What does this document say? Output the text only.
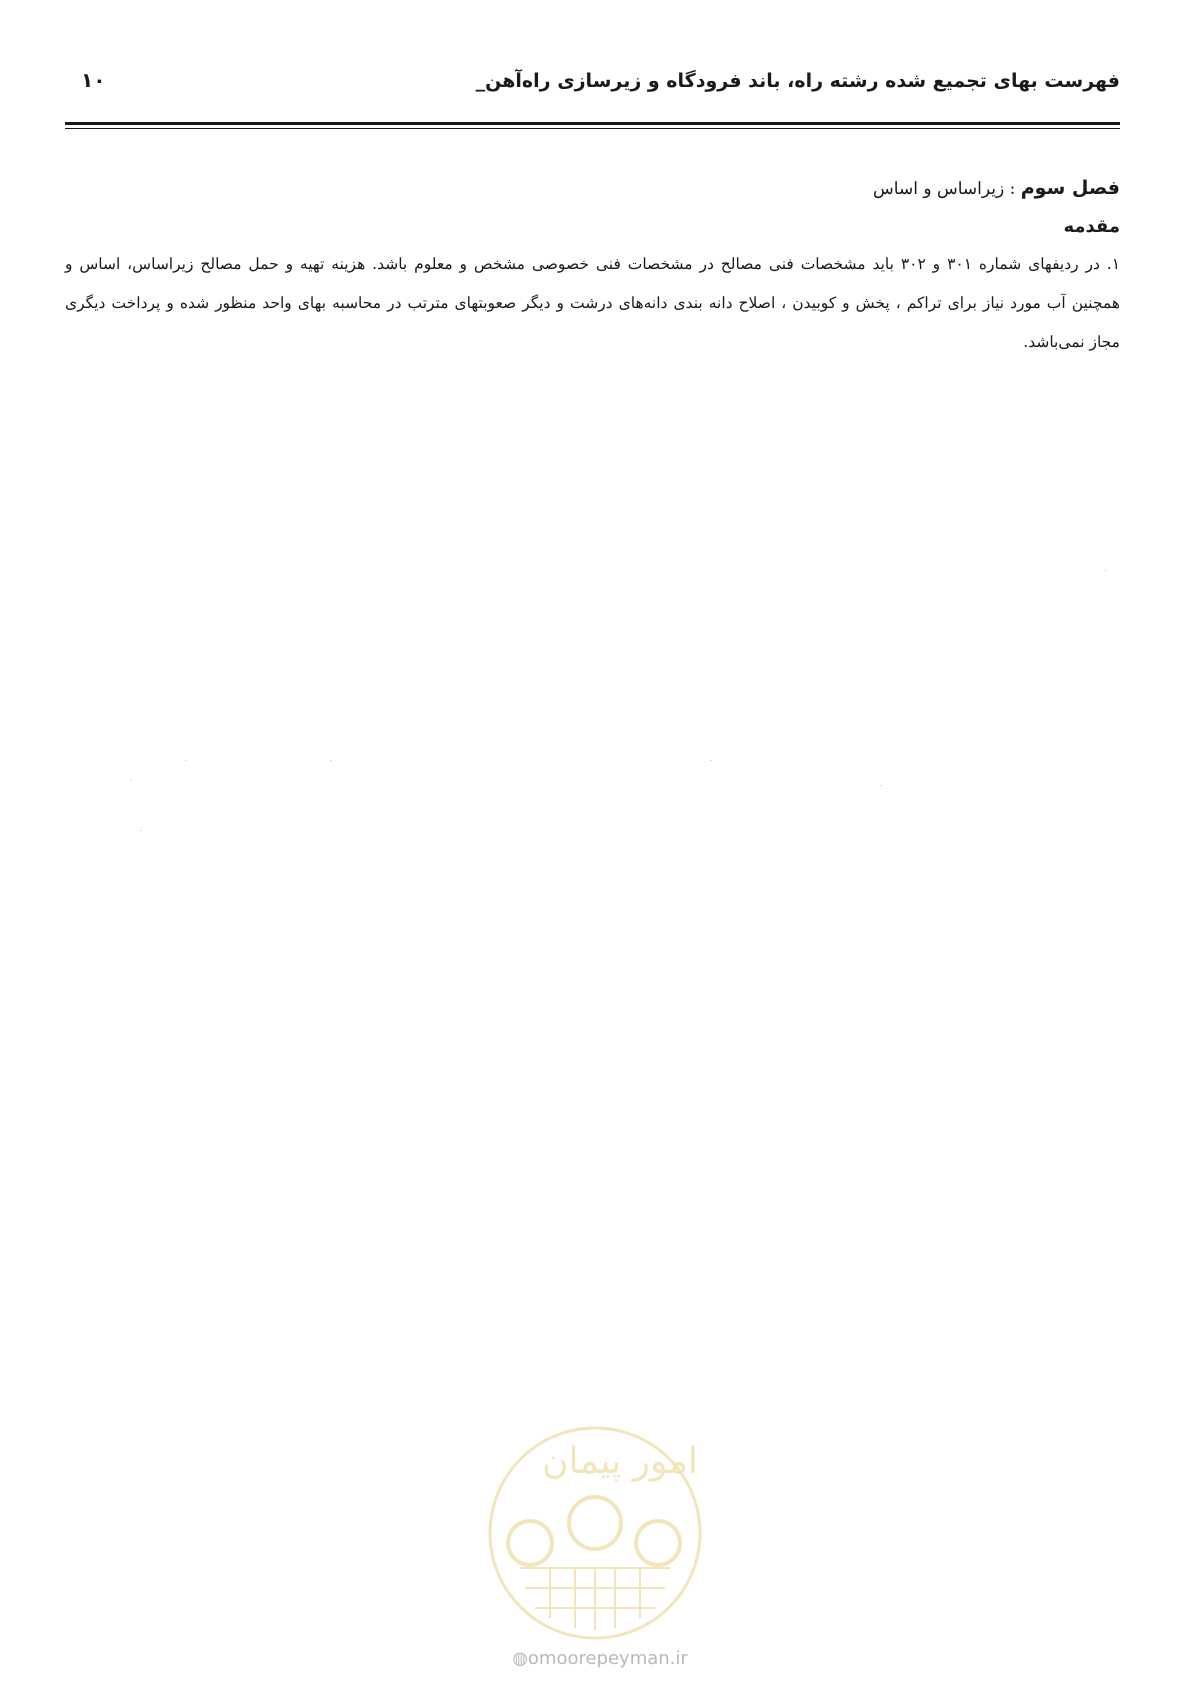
فهرست بهای تجمیع شده رشته راه، باند فرودگاه و زیرسازی راه‌آهن_
۱۰
فصل سوم : زیراساس و اساس
مقدمه
۱. در ردیفهای شماره ۳۰۱ و ۳۰۲ باید مشخصات فنی مصالح در مشخصات فنی خصوصی مشخص و معلوم باشد. هزینه تهیه و حمل مصالح زیراساس، اساس و همچنین آب مورد نیاز برای تراکم ، پخش و کوبیدن ، اصلاح دانه بندی دانه‌های درشت و دیگر صعوبتهای مترتب در محاسبه بهای واحد منظور شده و پرداخت دیگری مجاز نمی‌باشد.
امور پیمان
◍omoorepeyman.ir
